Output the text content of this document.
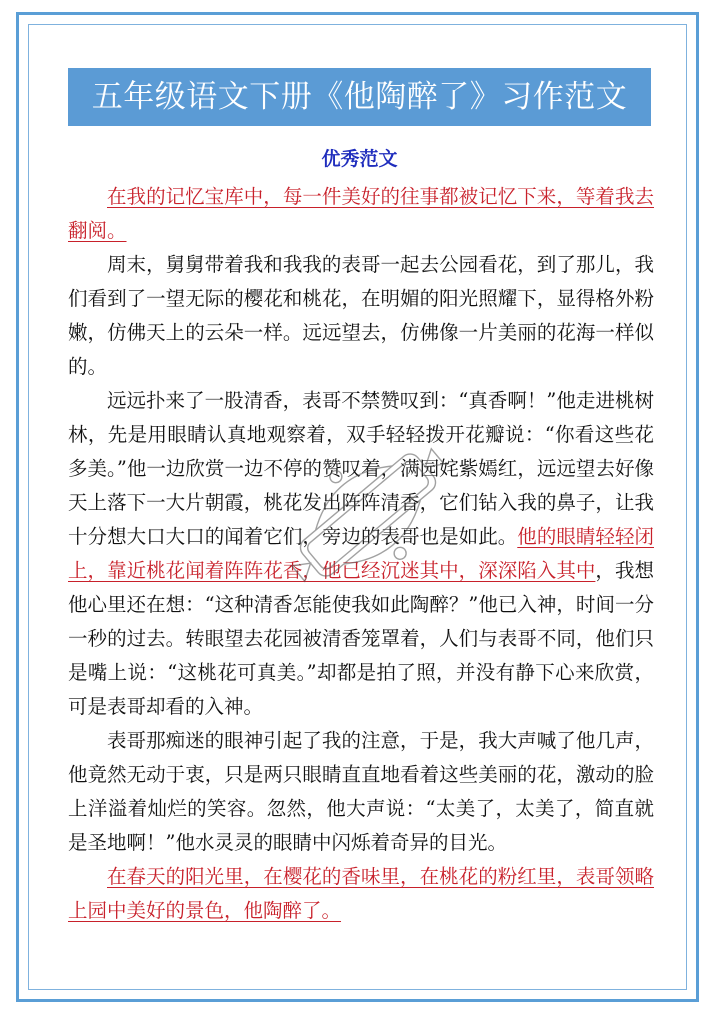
五年级语文下册《他陶醉了》习作范文
优秀范文

在我的记忆宝库中，每一件美好的往事都被记忆下来，等着我去翻阅。

周末，舅舅带着我和我我的表哥一起去公园看花，到了那儿，我们看到了一望无际的樱花和桃花，在明媚的阳光照耀下，显得格外粉嫩，仿佛天上的云朵一样。远远望去，仿佛像一片美丽的花海一样似的。

远远扑来了一股清香，表哥不禁赞叹到：“真香啊！”他走进桃树林，先是用眼睛认真地观察着，双手轻轻拨开花瓣说：“你看这些花多美。”他一边欣赏一边不停的赞叹着，满园姹紫嫣红，远远望去好像天上落下一大片朝霞，桃花发出阵阵清香，它们钻入我的鼻子，让我十分想大口大口的闻着它们，旁边的表哥也是如此。他的眼睛轻轻闭上，靠近桃花闻着阵阵花香，他已经沉迷其中，深深陷入其中，我想他心里还在想：“这种清香怎能使我如此陶醉？”他已入神，时间一分一秒的过去。转眼望去花园被清香笼罩着，人们与表哥不同，他们只是嘴上说：“这桃花可真美。”却都是拍了照，并没有静下心来欣赏，可是表哥却看的入神。

表哥那痴迷的眼神引起了我的注意，于是，我大声喊了他几声，他竟然无动于衷，只是两只眼睛直直地看着这些美丽的花，激动的脸上洋溢着灿烂的笑容。忽然，他大声说：“太美了，太美了，简直就是圣地啊！”他水灵灵的眼睛中闪烁着奇异的目光。

在春天的阳光里，在樱花的香味里，在桃花的粉红里，表哥领略上园中美好的景色，他陶醉了。
